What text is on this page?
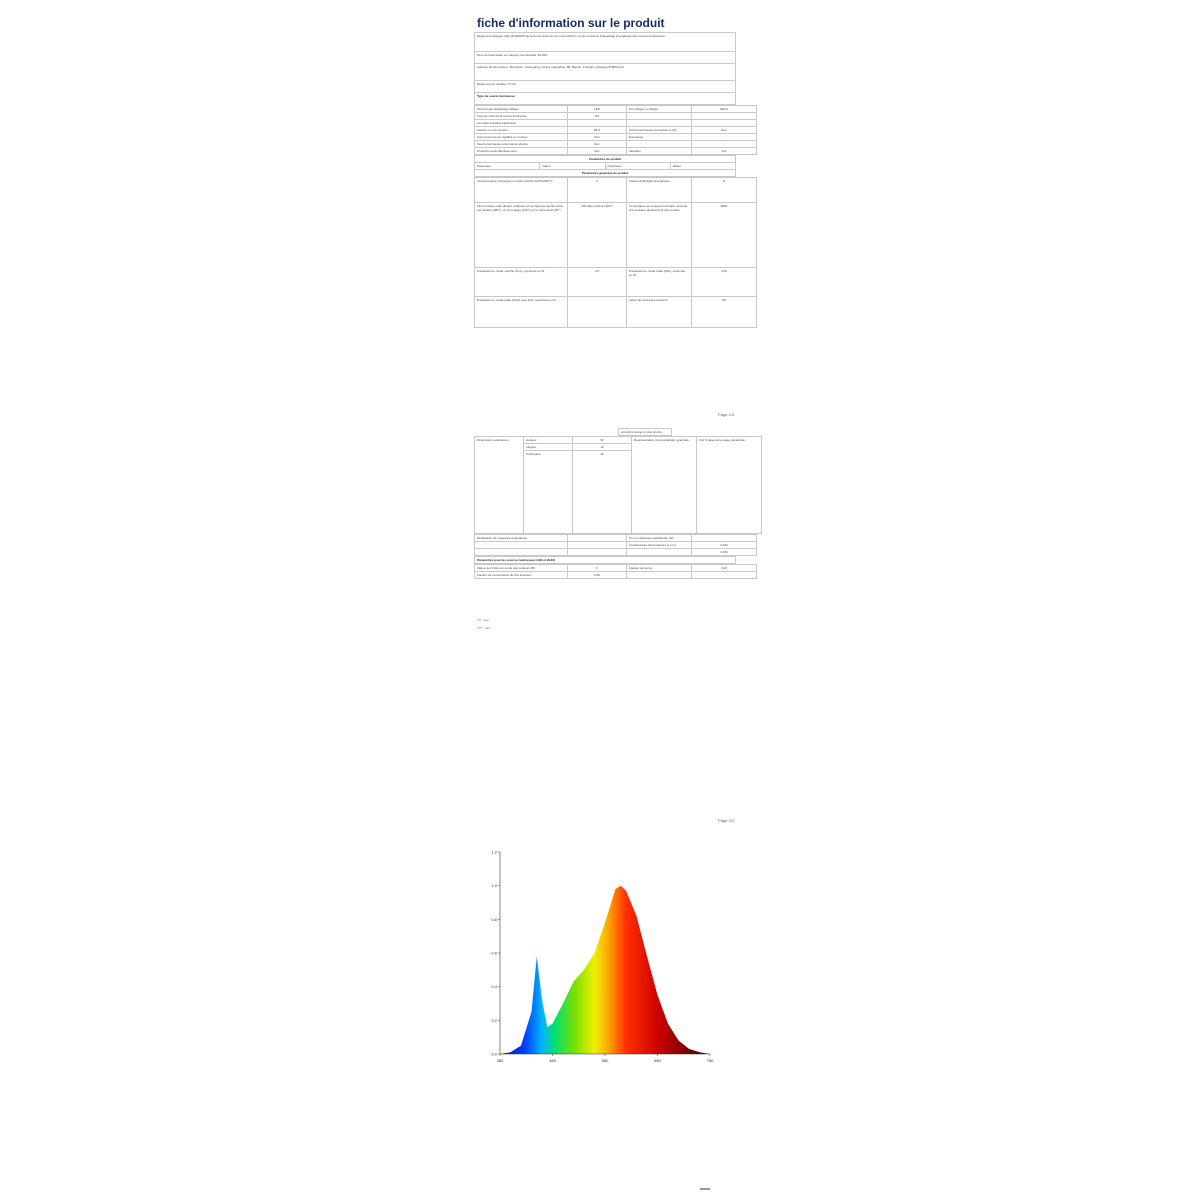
fiche d'information sur le produit
Règlement délégué (UE) 2019/2015 de la Commission du 11 mars 2019 en ce qui concerne l'étiquetage énergétique des sources lumineuses
Nom du fournisseur ou marque commerciale: ELTRA
Adresse du fournisseur: Shenzhen, Guangdong, China, Hangzhou, 88, Bao'an, Pumpkin, Zhejiang 518000 CN
Référence du modèle: LT-G9
Type de source lumineuse:
Technologie d'éclairage utilisée	LED	Non dirigée ou dirigée	NDLS
Type de culot de la source lumineuse	G9		
(ou autre interface électrique)			
Secteur ou non secteur	MLS	Source lumineuse connectée (CLS)	Non
Source lumineuse réglable en couleur	Non	Enveloppe	-
Source lumineuse à luminance élevée	Non		
Protection anti-éblouissement	Non	Variateur	Oui
Paramètres du produit
Paramètre	Valeur	Paramètre	Valeur
Paramètres généraux du produit
Consommation d'énergie en mode marche (kWh/1000 h)	4	Classe d'efficacité énergétique	G
Flux lumineux utile (Φuse), indiquant s'il se rapporte au flux dans une sphère (360°), un cône large (120°) ou un cône étroit (90°)	400 dans sphère (360°)	Température de couleur proximale, arrondie à la centaine de kelvins la plus proche	6500
Puissance en mode marche (Pon), exprimée en W	3,5	Puissance en mode veille (Psb), exprimée en W	0,00
Puissance en mode veille (Pnet) pour CLS, exprimée en W	-	Indice de rendu des couleurs	80
Page 1/3
	arrondi à l'entier le plus proche	
Dimensions extérieures	Hauteur	60	Représentation de la répartition spectrale	Voir l'image de la page précédente
	Largeur	16		
	Profondeur	16		
Déclaration de puissance équivalente	-	Si oui, puissance équivalente (W)	-
		Coordonnées chromatiques (x et y)	0,320
			0,330
Paramètres pour les sources lumineuses LED et OLED
Valeur de l'indice de rendu des couleurs R9	0	Facteur de survie	0,90
Facteur de conservation du flux lumineux	0,90		
(*) : non
(**) : non
Page 2/3
0.0
0.2
0.4
0.6
0.8
1.0
1.2
380	480	580	680	780
